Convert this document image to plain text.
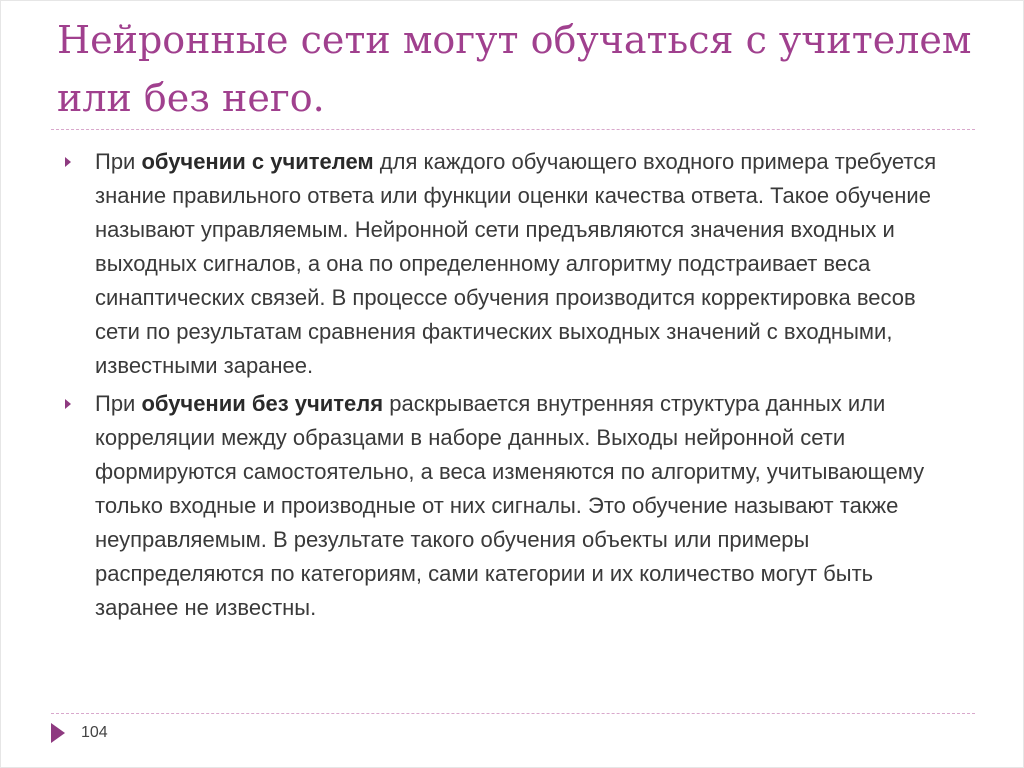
Нейронные сети могут обучаться с учителем или без него.
При обучении с учителем для каждого обучающего входного примера требуется знание правильного ответа или функции оценки качества ответа. Такое обучение называют управляемым. Нейронной сети предъявляются значения входных и выходных сигналов, а она по определенному алгоритму подстраивает веса синаптических связей. В процессе обучения производится корректировка весов сети по результатам сравнения фактических выходных значений с входными, известными заранее.
При обучении без учителя раскрывается внутренняя структура данных или корреляции между образцами в наборе данных. Выходы нейронной сети формируются самостоятельно, а веса изменяются по алгоритму, учитывающему только входные и производные от них сигналы. Это обучение называют также неуправляемым. В результате такого обучения объекты или примеры распределяются по категориям, сами категории и их количество могут быть заранее не известны.
104
